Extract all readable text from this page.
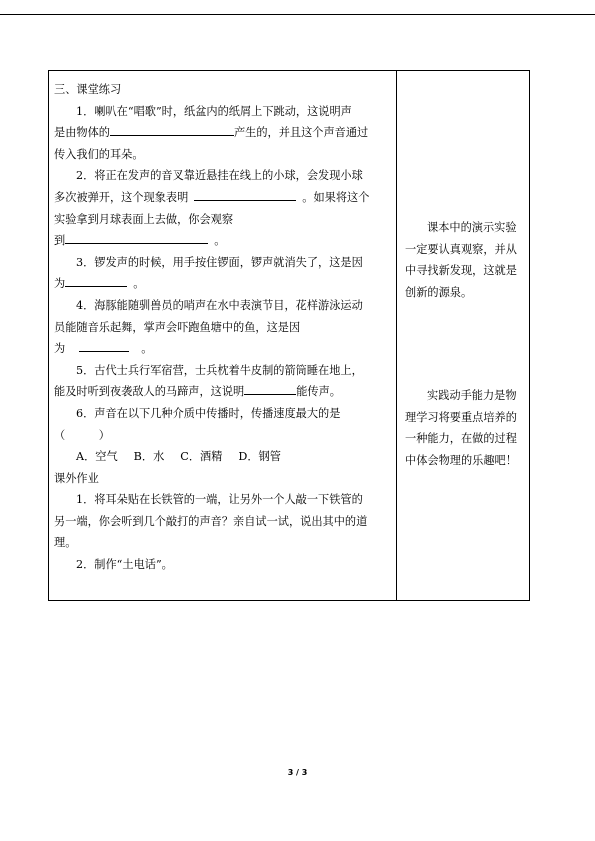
三、课堂练习

1．喇叭在“唱歌”时，纸盆内的纸屑上下跳动，这说明声

是由物体的	产生的，并且这个声音通过

传入我们的耳朵。

2．将正在发声的音叉靠近悬挂在线上的小球，会发现小球

多次被弹开，这个现象表明	。如果将这个

实验拿到月球表面上去做，你会观察

到	。

3．锣发声的时候，用手按住锣面，锣声就消失了，这是因

为	。

4．海豚能随驯兽员的哨声在水中表演节目，花样游泳运动

员能随音乐起舞，掌声会吓跑鱼塘中的鱼，这是因

为	。

5．古代士兵行军宿营，士兵枕着牛皮制的箭筒睡在地上，

能及时听到夜袭敌人的马蹄声，这说明	能传声。

6．声音在以下几种介质中传播时，传播速度最大的是

（　　　）

A．空气 B．水 C．酒精 D．钢管

课外作业

1．将耳朵贴在长铁管的一端，让另外一个人敲一下铁管的

另一端，你会听到几个敲打的声音？亲自试一试，说出其中的道

理。

2．制作“土电话”。

课本中的演示实验一定要认真观察，并从中寻找新发现，这就是创新的源泉。

实践动手能力是物理学习将要重点培养的一种能力，在做的过程中体会物理的乐趣吧！

3 / 3
